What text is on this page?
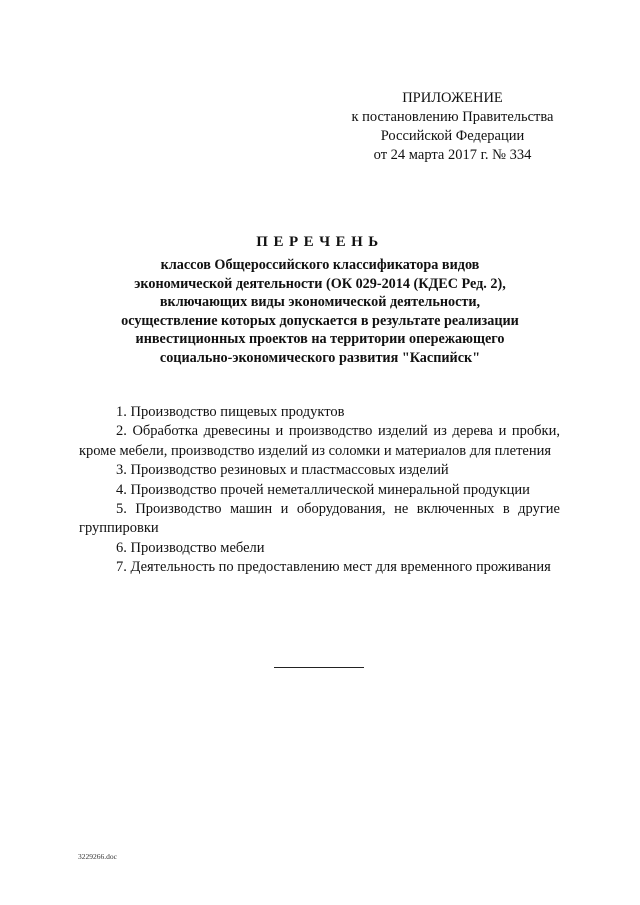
ПРИЛОЖЕНИЕ
к постановлению Правительства
Российской Федерации
от 24 марта 2017 г. № 334
ПЕРЕЧЕНЬ
классов Общероссийского классификатора видов
экономической деятельности (ОК 029-2014 (КДЕС Ред. 2),
включающих виды экономической деятельности,
осуществление которых допускается в результате реализации
инвестиционных проектов на территории опережающего
социально-экономического развития "Каспийск"
1. Производство пищевых продуктов
2. Обработка древесины и производство изделий из дерева и пробки, кроме мебели, производство изделий из соломки и материалов для плетения
3. Производство резиновых и пластмассовых изделий
4. Производство прочей неметаллической минеральной продукции
5. Производство машин и оборудования, не включенных в другие группировки
6. Производство мебели
7. Деятельность по предоставлению мест для временного проживания
3229266.doc
